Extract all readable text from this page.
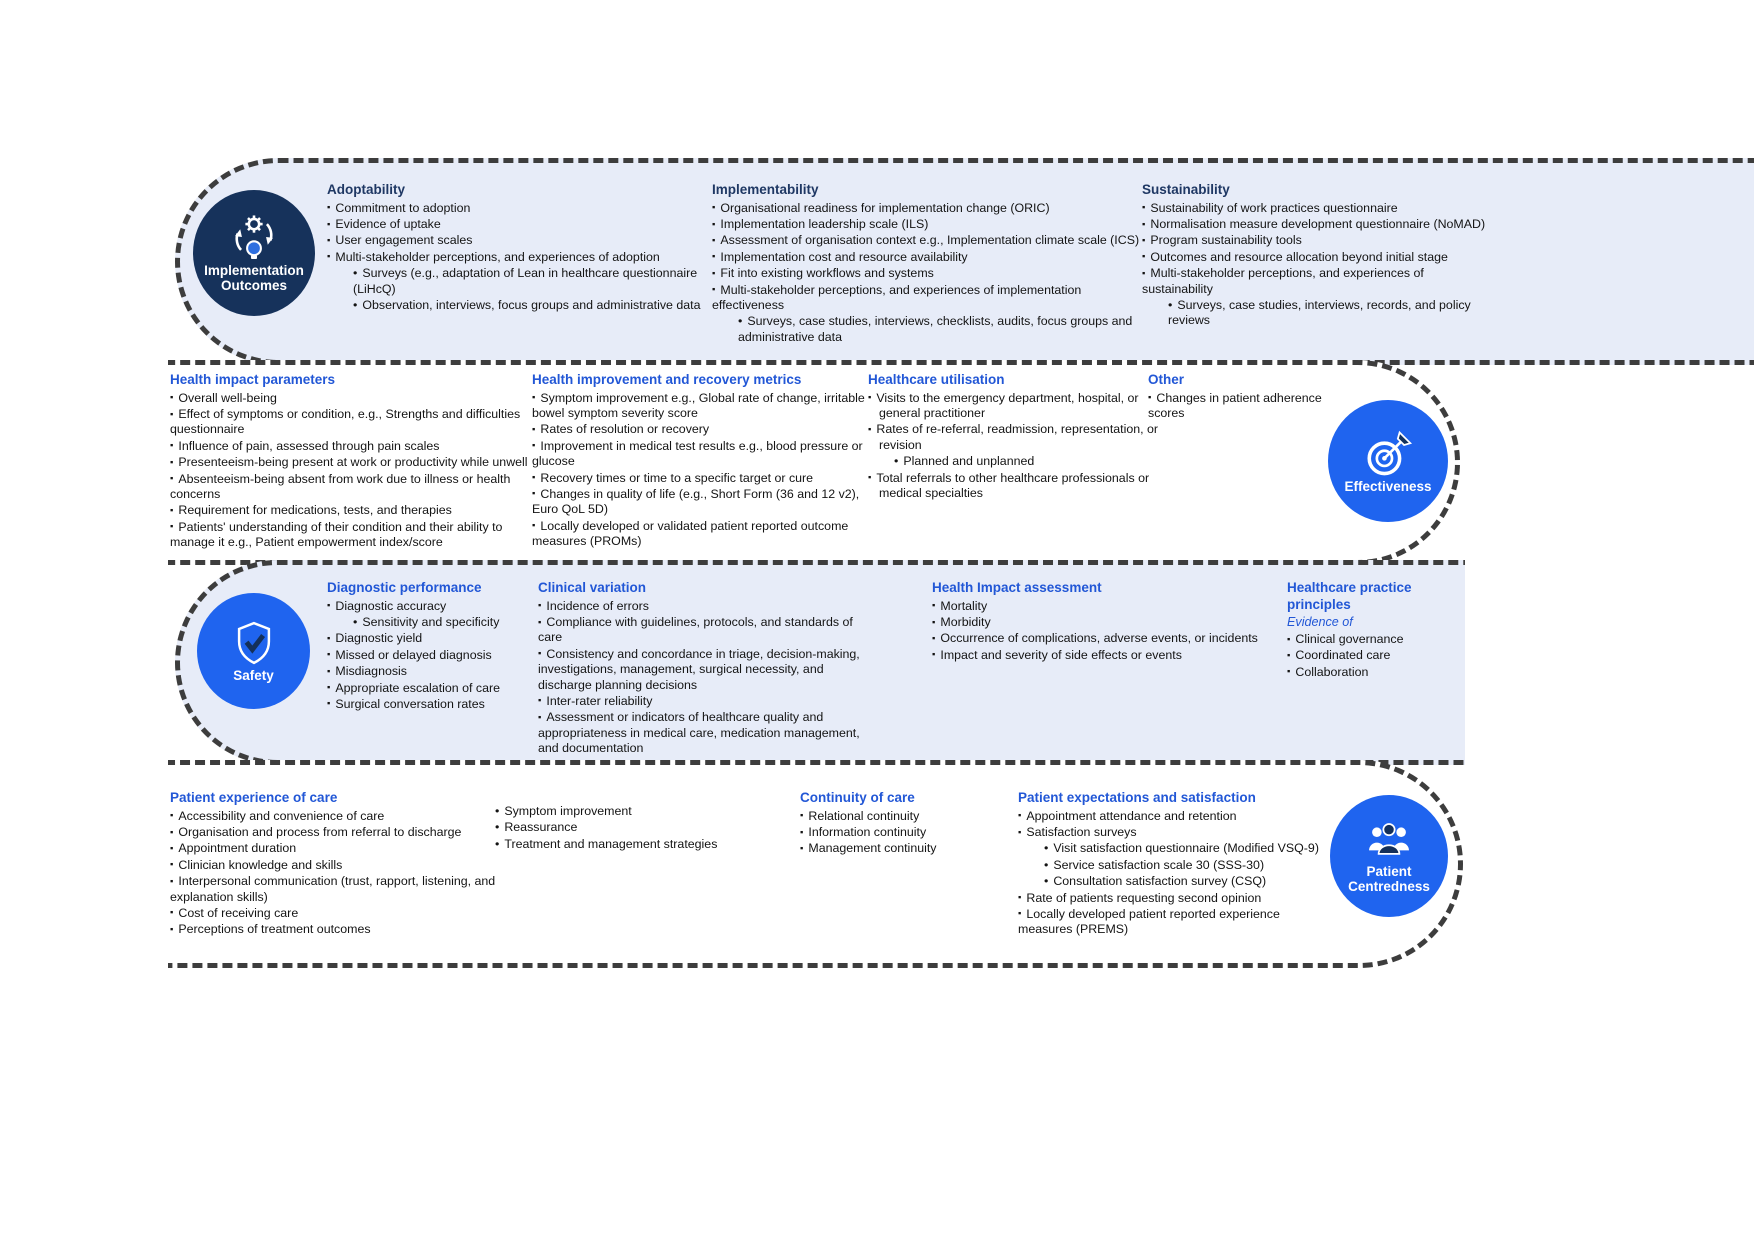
Implementation
Outcomes
Adoptability
▪ Commitment to adoption
▪ Evidence of uptake
▪ User engagement scales
▪ Multi-stakeholder perceptions, and experiences of adoption
• Surveys (e.g., adaptation of Lean in healthcare questionnaire (LiHcQ)
• Observation, interviews, focus groups and administrative data
Implementability
▪ Organisational readiness for implementation change (ORIC)
▪ Implementation leadership scale (ILS)
▪ Assessment of organisation context e.g., Implementation climate scale (ICS)
▪ Implementation cost and resource availability
▪ Fit into existing workflows and systems
▪ Multi-stakeholder perceptions, and experiences of implementation effectiveness
• Surveys, case studies, interviews, checklists, audits, focus groups and administrative data
Sustainability
▪ Sustainability of work practices questionnaire
▪ Normalisation measure development questionnaire (NoMAD)
▪ Program sustainability tools
▪ Outcomes and resource allocation beyond initial stage
▪ Multi-stakeholder perceptions, and experiences of sustainability
• Surveys, case studies, interviews, records, and policy reviews
Effectiveness
Health impact parameters
▪ Overall well-being
▪ Effect of symptoms or condition, e.g., Strengths and difficulties questionnaire
▪ Influence of pain, assessed through pain scales
▪ Presenteeism-being present at work or productivity while unwell
▪ Absenteeism-being absent from work due to illness or health concerns
▪ Requirement for medications, tests, and therapies
▪ Patients' understanding of their condition and their ability to manage it e.g., Patient empowerment index/score
Health improvement and recovery metrics
▪ Symptom improvement e.g., Global rate of change, irritable bowel symptom severity score
▪ Rates of resolution or recovery
▪ Improvement in medical test results e.g., blood pressure or glucose
▪ Recovery times or time to a specific target or cure
▪ Changes in quality of life (e.g., Short Form (36 and 12 v2), Euro QoL 5D)
▪ Locally developed or validated patient reported outcome measures (PROMs)
Healthcare utilisation
▪ Visits to the emergency department, hospital, or general practitioner
▪ Rates of re-referral, readmission, representation, or revision
• Planned and unplanned
▪ Total referrals to other healthcare professionals or medical specialties
Other
▪ Changes in patient adherence scores
Safety
Diagnostic performance
▪ Diagnostic accuracy
• Sensitivity and specificity
▪ Diagnostic yield
▪ Missed or delayed diagnosis
▪ Misdiagnosis
▪ Appropriate escalation of care
▪ Surgical conversation rates
Clinical variation
▪ Incidence of errors
▪ Compliance with guidelines, protocols, and standards of care
▪ Consistency and concordance in triage, decision-making, investigations, management, surgical necessity, and discharge planning decisions
▪ Inter-rater reliability
▪ Assessment or indicators of healthcare quality and appropriateness in medical care, medication management, and documentation
Health Impact assessment
▪ Mortality
▪ Morbidity
▪ Occurrence of complications, adverse events, or incidents
▪ Impact and severity of side effects or events
Healthcare practice principles
Evidence of
▪ Clinical governance
▪ Coordinated care
▪ Collaboration
Patient
Centredness
Patient experience of care
▪ Accessibility and convenience of care
▪ Organisation and process from referral to discharge
▪ Appointment duration
▪ Clinician knowledge and skills
▪ Interpersonal communication (trust, rapport, listening, and explanation skills)
▪ Cost of receiving care
▪ Perceptions of treatment outcomes
• Symptom improvement
• Reassurance
• Treatment and management strategies
Continuity of care
▪ Relational continuity
▪ Information continuity
▪ Management continuity
Patient expectations and satisfaction
▪ Appointment attendance and retention
▪ Satisfaction surveys
• Visit satisfaction questionnaire (Modified VSQ-9)
• Service satisfaction scale 30 (SSS-30)
• Consultation satisfaction survey (CSQ)
▪ Rate of patients requesting second opinion
▪ Locally developed patient reported experience measures (PREMS)
